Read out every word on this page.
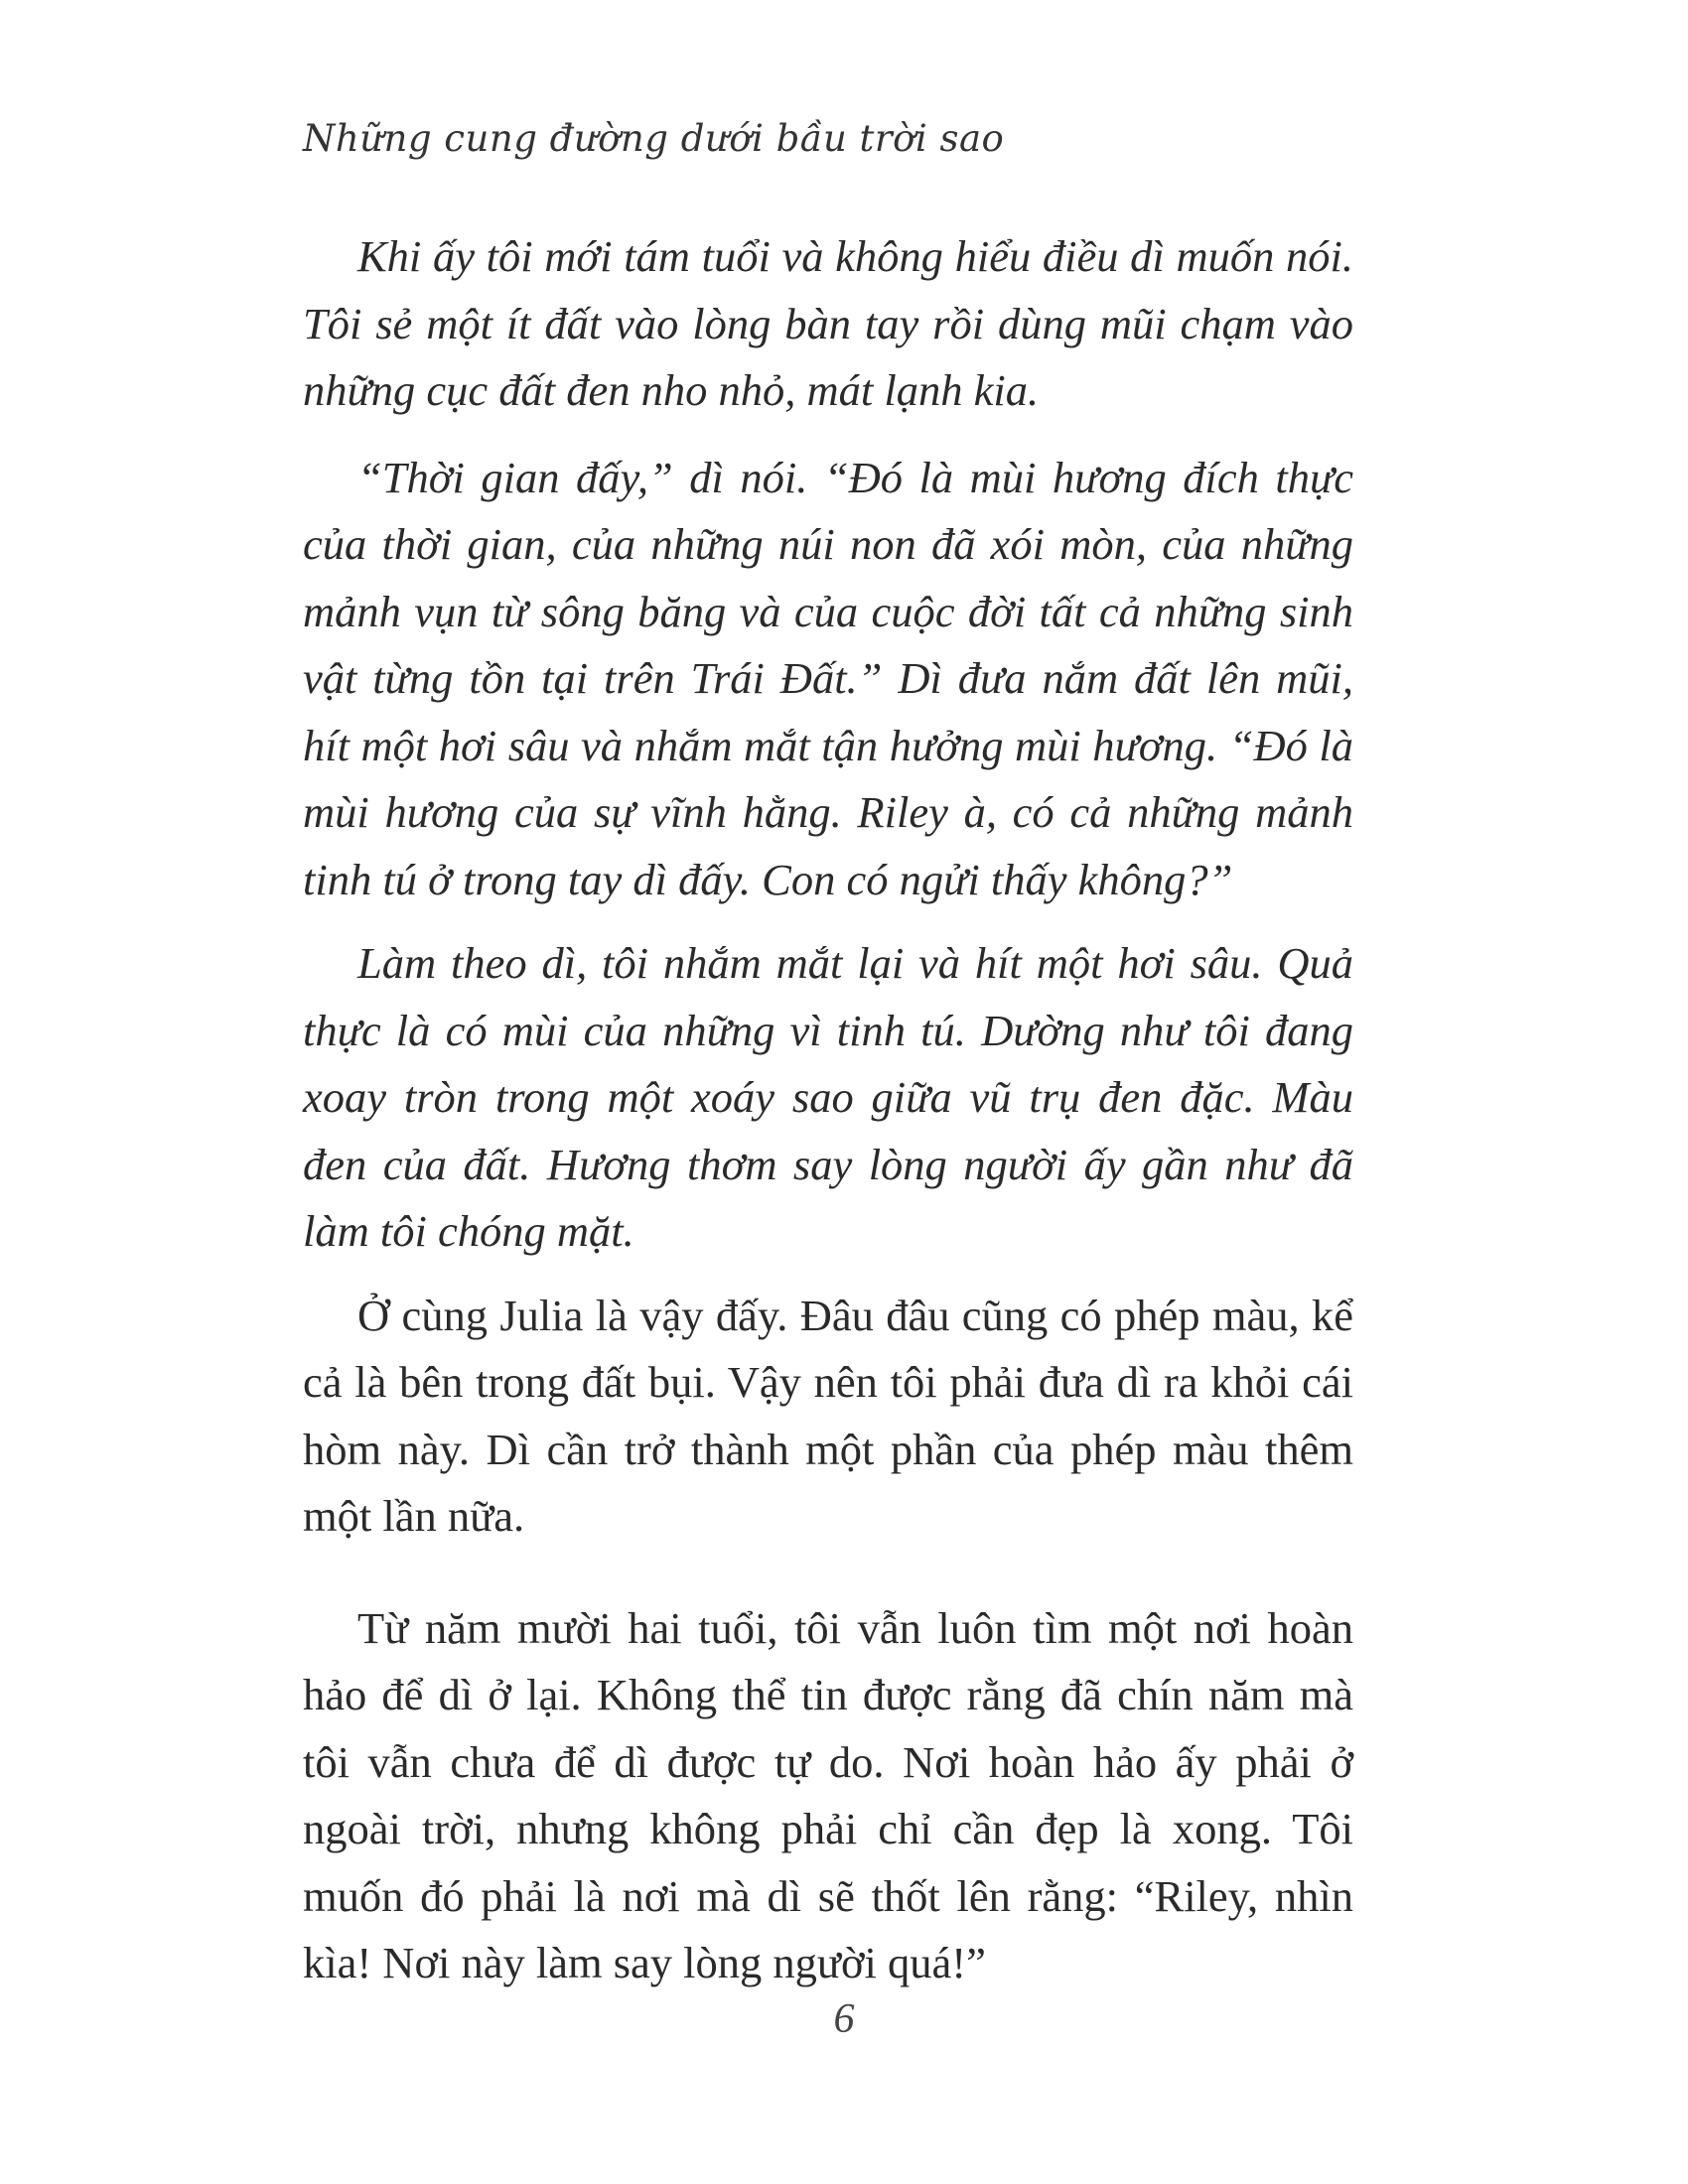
Những cung đường dưới bầu trời sao

Khi ấy tôi mới tám tuổi và không hiểu điều dì muốn nói. Tôi sẻ một ít đất vào lòng bàn tay rồi dùng mũi chạm vào những cục đất đen nho nhỏ, mát lạnh kia.

“Thời gian đấy,” dì nói. “Đó là mùi hương đích thực của thời gian, của những núi non đã xói mòn, của những mảnh vụn từ sông băng và của cuộc đời tất cả những sinh vật từng tồn tại trên Trái Đất.” Dì đưa nắm đất lên mũi, hít một hơi sâu và nhắm mắt tận hưởng mùi hương. “Đó là mùi hương của sự vĩnh hằng. Riley à, có cả những mảnh tinh tú ở trong tay dì đấy. Con có ngửi thấy không?”

Làm theo dì, tôi nhắm mắt lại và hít một hơi sâu. Quả thực là có mùi của những vì tinh tú. Dường như tôi đang xoay tròn trong một xoáy sao giữa vũ trụ đen đặc. Màu đen của đất. Hương thơm say lòng người ấy gần như đã làm tôi chóng mặt.

Ở cùng Julia là vậy đấy. Đâu đâu cũng có phép màu, kể cả là bên trong đất bụi. Vậy nên tôi phải đưa dì ra khỏi cái hòm này. Dì cần trở thành một phần của phép màu thêm một lần nữa.

Từ năm mười hai tuổi, tôi vẫn luôn tìm một nơi hoàn hảo để dì ở lại. Không thể tin được rằng đã chín năm mà tôi vẫn chưa để dì được tự do. Nơi hoàn hảo ấy phải ở ngoài trời, nhưng không phải chỉ cần đẹp là xong. Tôi muốn đó phải là nơi mà dì sẽ thốt lên rằng: “Riley, nhìn kìa! Nơi này làm say lòng người quá!”

6
